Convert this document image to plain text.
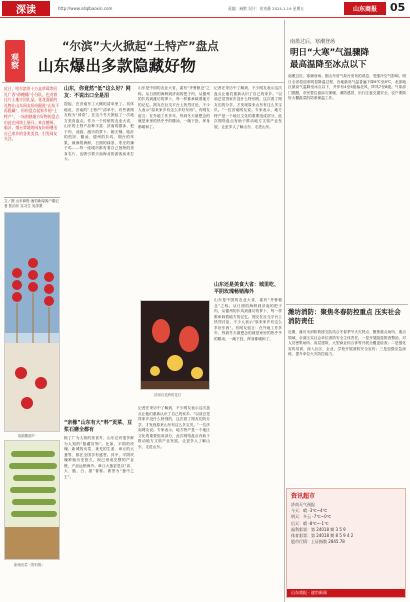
深读	http://www.sdqlbaoxin.com	责编：麻默 设计：张家静 2024.1.19 星期五	山东商报	05
观察
“尔滨”大火掀起“土特产”盘点
山东爆出多款隐藏好物
近日，哈尔滨用十万盒草莓等回礼广西“砂糖橘”小分队，也对着这片土地讨回礼品，花花面面的礼物让山东网友纷纷跟进“山东不再隐藏”，纷纷盘点起家乡的“土特产”，一场围绕地方好物的盘点由此在网络上展开。来自德州、临沂、烟台等地的网友纷纷晒出自己家乡的各类美食，引发网友关注。
文／图 山东商报·速豹新闻客户端记者 张治东 实习生 吴泽萧
临朐糖葫芦
新城贡菜（资料图）
山东，你竟然“低”这么好？网友：不说出口全是泪
提起，在济南东工大概的清单里了。具体地说，济南的“土特产”清单中，有些被网友称为“神奇”，在这个冬天掀起了一次地方美食盘点。作为一个传统的农业大省，山东的土特产品种丰富：济南的甜沫、把子肉、油旋，潍坊的萝卜、朝天锅，临沂的煎饼、糁汤，德州的扒鸡，烟台的苹果，威海的海鲜，日照的绿茶，枣庄的辣子鸡……每一座城市都有着自己独特的美食名片，也吸引着天南海北的游客前来打卡。
山东是中国的农业大省，素有“齐鲁粮仓”之称。从日照的海鲜到济南的把子肉，从德州的扒鸡到潍坊的萝卜，每一样都承载着地方的记忆。网友在社交平台上热烈讨论，不少人表示“原来家乡有这么多好东西”。有网友留言：在外地工作多年，每到冬天最想念的就是家里的热乎乎的糁汤，一碗下肚，浑身都暖和了。
济南百花洲的花灯
“亲橡”山东有大“料”贡菜、豆浆石磨全都有
除了广为人知的美食外，山东还有很多鲜为人知的“隐藏好物”。比如，平阴的玫瑰、新城的贡菜、莱芜的生姜、章丘的大葱等，都在全国享有盛誉。其中，平阴玫瑰种植历史悠久，现已形成完整的产业链，产品远销海外。章丘大葱更是以“高、大、脆、白、甜”著称，被誉为“葱中之王”。
记者在采访中了解到，不少网友表示这次盘点让他们重新认识了自己的家乡。“以前总觉得家乡没什么特别的，这次看了网友们的分享，才发现原来山东有这么多宝贝。”一位济南网友说。专家表示，地方特产是一个地区文化的重要组成部分，此次网络盘点有助于推动地方文旅产业发展，让更多人了解山东、走进山东。
山东还是美食大省：城里吃、平阴玫瑰畅销海外
山东是中国的农业大省，素有“齐鲁粮仓”之称。从日照的海鲜到济南的把子肉，从德州的扒鸡到潍坊的萝卜，每一样都承载着地方的记忆。网友在社交平台上热烈讨论，不少人表示“原来家乡有这么多好东西”。有网友留言：在外地工作多年，每到冬天最想念的就是家里的热乎乎的糁汤，一碗下肚，浑身都暖和了。
记者在采访中了解到，不少网友表示这次盘点让他们重新认识了自己的家乡。“以前总觉得家乡没什么特别的，这次看了网友们的分享，才发现原来山东有这么多宝贝。”一位济南网友说。专家表示，地方特产是一个地区文化的重要组成部分，此次网络盘点有助于推动地方文旅产业发展，让更多人了解山东、走进山东。
南墨过后，寒潮登场
明日“大寒”气温骤降
最高温降至冰点以下
南墨过后，寒潮登场。据山东省气象台发布的消息，受强冷空气影响，明日全省将迎来明显降温过程，各地最高气温普遍下降6℃至8℃，北部地区最高气温降至冰点以下，并伴有4至5级偏北风，阵风7至8级。气象部门提醒，市民要注意添衣保暖，谨防感冒，出行注意交通安全，农户要做好大棚蔬菜的防寒保温工作。
潍坊消防：聚焦冬春防控重点 压实社会消防责任
近期，潍坊市消防救援支队结合冬春季节火灾特点，聚焦重点场所、重点领域，全面压实社会单位消防安全主体责任。一是开展隐患排查整治，对人员密集场所、高层建筑、大型商业综合体等开展全覆盖检查；二是强化宣传培训，深入社区、企业、学校开展消防安全宣传；三是加强应急演练，提升单位火灾防控能力。
资讯超市
济南天气预报
今天：晴 -3℃~4℃
明天：多云 -7℃~0℃
后天：晴 -8℃~-1℃
福利彩票：第 24018 期 3 5 9
体育彩票：第 24018 期 8 5 9 4 2
股市行情：上证指数 2845.78
山东商报 · 速豹新闻
